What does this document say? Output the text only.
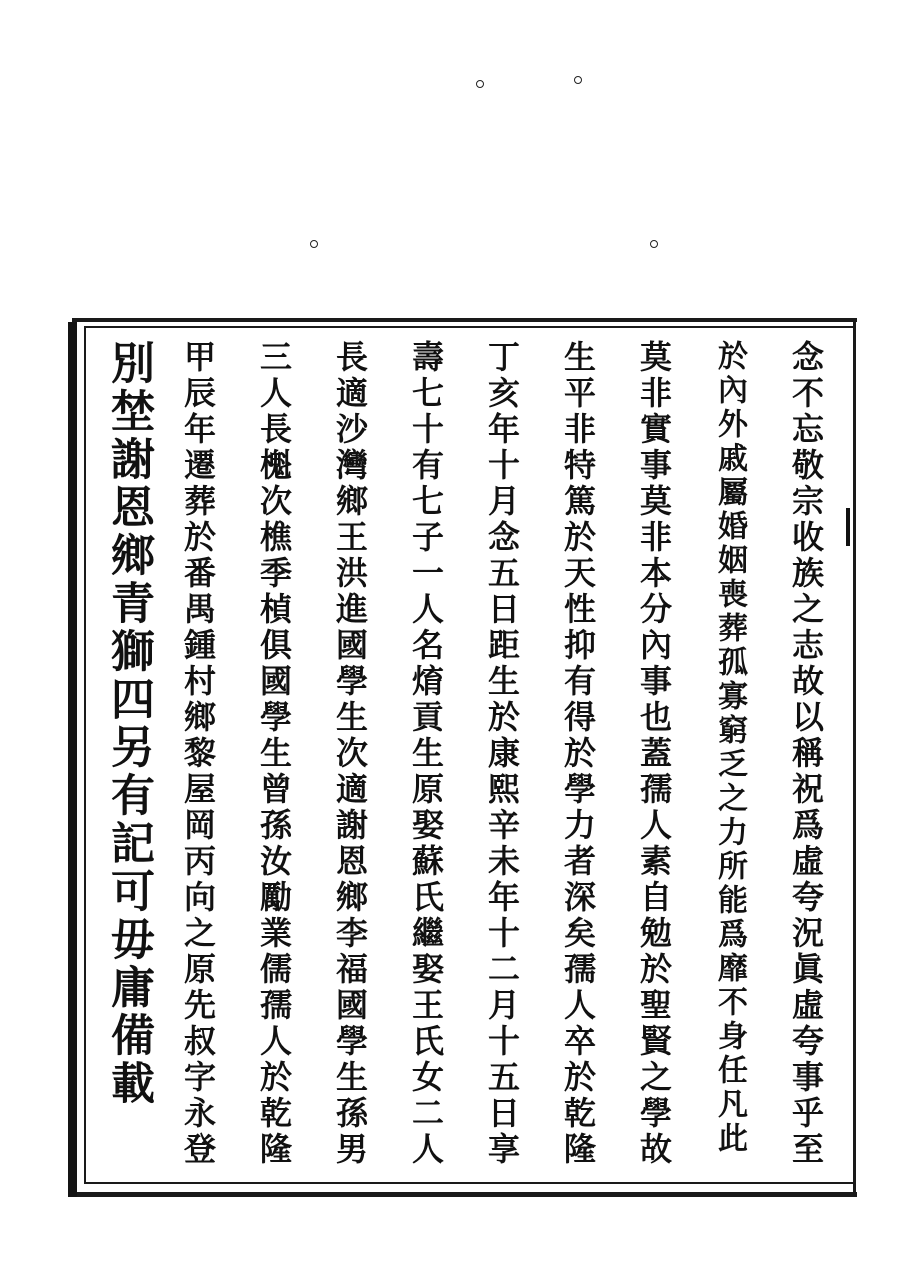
念不忘敬宗收族之志故以稱祝爲虛夸況眞虛夸事乎至
於內外戚屬婚姻喪葬孤寡窮乏之力所能爲靡不身任凡此
莫非實事莫非本分內事也蓋孺人素自勉於聖賢之學故
生平非特篤於天性抑有得於學力者深矣孺人卒於乾隆
丁亥年十月念五日距生於康熙辛未年十二月十五日享
壽七十有七子一人名焴貢生原娶蘇氏繼娶王氏女二人
長適沙灣鄉王洪進國學生次適謝恩鄉李福國學生孫男
三人長櫆次樵季楨俱國學生曾孫汝勵業儒孺人於乾隆
甲辰年遷葬於番禺鍾村鄉黎屋岡丙向之原先叔字永登
別埜謝恩鄉青獅四另有記可毋庸備載
